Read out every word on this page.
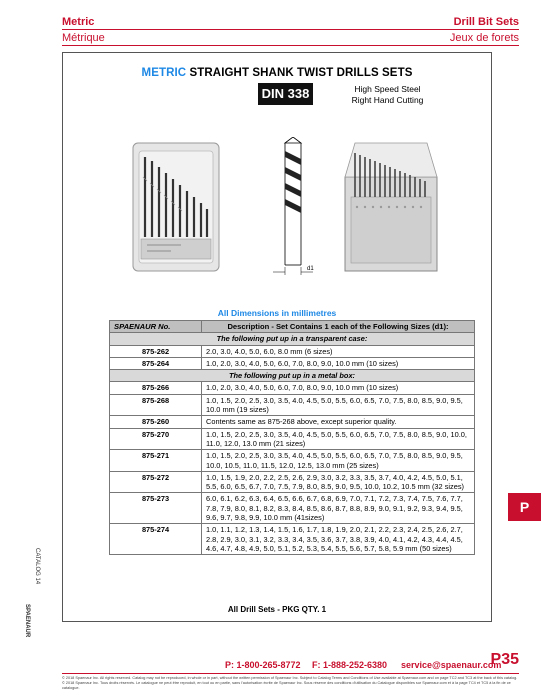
Metric
Métrique
Drill Bit Sets
Jeux de forets
METRIC STRAIGHT SHANK TWIST DRILLS SETS
DIN 338	High Speed Steel
Right Hand Cutting
d1
All Dimensions in millimetres
SPAENAUR No.	Description - Set Contains 1 each of the Following Sizes (d1):
The following put up in a transparent case:	
875-262	2.0, 3.0, 4.0, 5.0, 6.0, 8.0 mm (6 sizes)
875-264	1.0, 2.0, 3.0, 4.0, 5.0, 6.0, 7.0, 8.0, 9.0, 10.0 mm (10 sizes)
The following put up in a metal box:	
875-266	1.0, 2.0, 3.0, 4.0, 5.0, 6.0, 7.0, 8.0, 9.0, 10.0 mm (10 sizes)
875-268	1.0, 1.5, 2.0, 2.5, 3.0, 3.5, 4.0, 4.5, 5.0, 5.5, 6.0, 6.5, 7.0, 7.5, 8.0, 8.5, 9.0, 9.5, 10.0 mm (19 sizes)
875-260	Contents same as 875-268 above, except superior quality.
875-270	1.0, 1.5, 2.0, 2.5, 3.0, 3.5, 4.0, 4.5, 5.0, 5.5, 6.0, 6.5, 7.0, 7.5, 8.0, 8.5, 9.0, 10.0, 11.0, 12.0, 13.0 mm (21 sizes)
875-271	1.0, 1.5, 2.0, 2.5, 3.0, 3.5, 4.0, 4.5, 5.0, 5.5, 6.0, 6.5, 7.0, 7.5, 8.0, 8.5, 9.0, 9.5, 10.0, 10.5, 11.0, 11.5, 12.0, 12.5, 13.0 mm (25 sizes)
875-272	1.0, 1.5, 1.9, 2.0, 2.2, 2.5, 2.6, 2.9, 3.0, 3.2, 3.3, 3.5, 3.7, 4.0, 4.2, 4.5, 5.0, 5.1, 5.5, 6.0, 6.5, 6.7, 7.0, 7.5, 7.9, 8.0, 8.5, 9.0, 9.5, 10.0, 10.2, 10.5 mm (32 sizes)
875-273	6.0, 6.1, 6.2, 6.3, 6.4, 6.5, 6.6, 6.7, 6.8, 6.9, 7.0, 7.1, 7.2, 7.3, 7.4, 7.5, 7.6, 7.7, 7.8, 7.9, 8.0, 8.1, 8.2, 8.3, 8.4, 8.5, 8.6, 8.7, 8.8, 8.9, 9.0, 9.1, 9.2, 9.3, 9.4, 9.5, 9.6, 9.7, 9.8, 9.9, 10.0 mm (41sizes)
875-274	1.0, 1.1, 1.2, 1.3, 1.4, 1.5, 1.6, 1.7, 1.8, 1.9, 2.0, 2.1, 2.2, 2.3, 2.4, 2.5, 2.6, 2.7, 2.8, 2.9, 3.0, 3.1, 3.2, 3.3, 3.4, 3.5, 3.6, 3.7, 3.8, 3.9, 4.0, 4.1, 4.2, 4.3, 4.4, 4.5, 4.6, 4.7, 4.8, 4.9, 5.0, 5.1, 5.2, 5.3, 5.4, 5.5, 5.6, 5.7, 5.8, 5.9 mm (50 sizes)
All Drill Sets - PKG QTY. 1
P
CATALOG 14
SPAENAUR
P: 1-800-265-8772 F: 1-888-252-6380 service@spaenaur.com
P35
© 2018 Spaenaur Inc. All rights reserved. Catalog may not be reproduced, in whole or in part, without the written permission of Spaenaur Inc. Subject to Catalog Terms and Conditions of Use available at Spaenaur.com and on page TC2 and TC3 at the back of this catalog. © 2018 Spaenaur Inc. Tous droits réservés. Le catalogue ne peut être reproduit, en tout ou en partie, sans l'autorisation écrite de Spaenaur Inc. Sous réserve des conditions d'utilisation du Catalogue disponibles sur Spaenaur.com et à la page TC4 et TC5 à la fin de ce catalogue.
